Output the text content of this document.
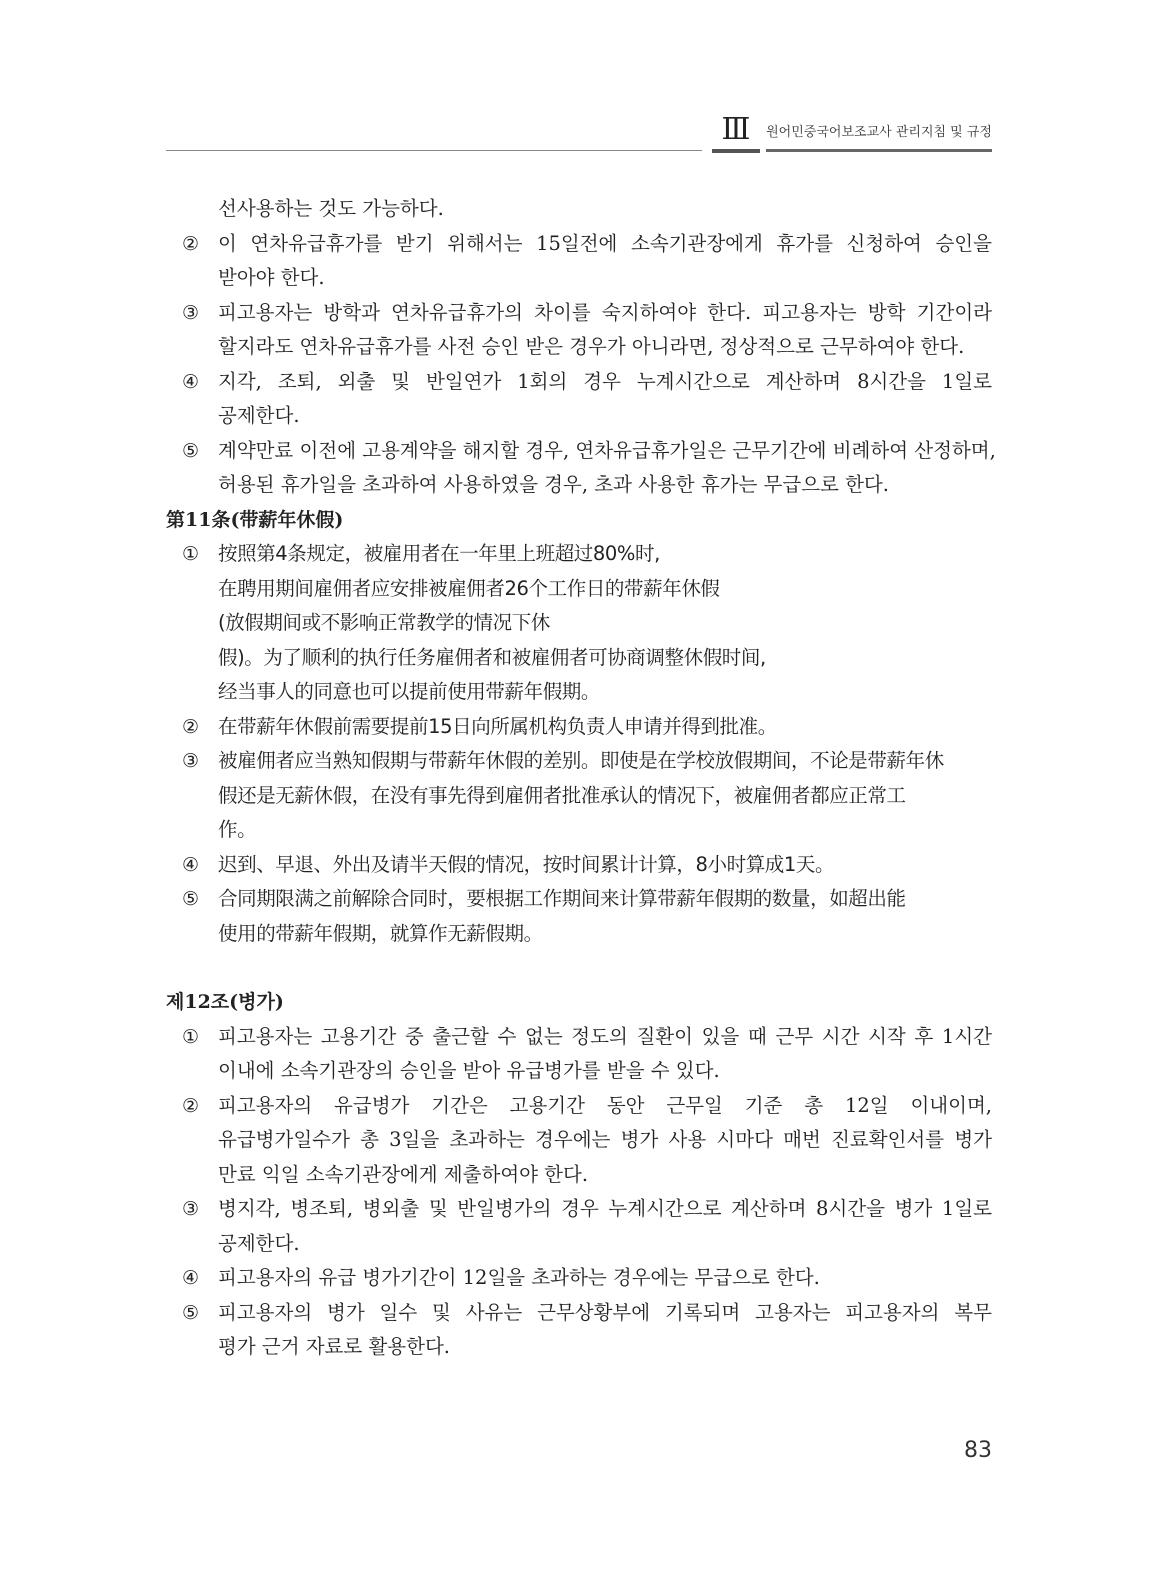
Ⅲ	원어민중국어보조교사 관리지침 및 규정
선사용하는 것도 가능하다.
② 이 연차유급휴가를 받기 위해서는 15일전에 소속기관장에게 휴가를 신청하여 승인을
받아야 한다.
③ 피고용자는 방학과 연차유급휴가의 차이를 숙지하여야 한다. 피고용자는 방학 기간이라
할지라도 연차유급휴가를 사전 승인 받은 경우가 아니라면, 정상적으로 근무하여야 한다.
④ 지각, 조퇴, 외출 및 반일연가 1회의 경우 누계시간으로 계산하며 8시간을 1일로
공제한다.
⑤ 계약만료 이전에 고용계약을 해지할 경우, 연차유급휴가일은 근무기간에 비례하여 산정하며,
허용된 휴가일을 초과하여 사용하였을 경우, 초과 사용한 휴가는 무급으로 한다.
第11条(带薪年休假)
① 按照第4条规定，被雇用者在一年里上班超过80%时,
在聘用期间雇佣者应安排被雇佣者26个工作日的带薪年休假
(放假期间或不影响正常教学的情况下休
假)。为了顺利的执行任务雇佣者和被雇佣者可协商调整休假时间,
经当事人的同意也可以提前使用带薪年假期。
② 在带薪年休假前需要提前15日向所属机构负责人申请并得到批准。
③ 被雇佣者应当熟知假期与带薪年休假的差别。即使是在学校放假期间，不论是带薪年休
假还是无薪休假，在没有事先得到雇佣者批准承认的情况下，被雇佣者都应正常工
作。
④ 迟到、早退、外出及请半天假的情况，按时间累计计算，8小时算成1天。
⑤ 合同期限满之前解除合同时，要根据工作期间来计算带薪年假期的数量，如超出能
使用的带薪年假期，就算作无薪假期。
제12조(병가)
① 피고용자는 고용기간 중 출근할 수 없는 정도의 질환이 있을 때 근무 시간 시작 후 1시간
이내에 소속기관장의 승인을 받아 유급병가를 받을 수 있다.
② 피고용자의 유급병가 기간은 고용기간 동안 근무일 기준 총 12일 이내이며,
유급병가일수가 총 3일을 초과하는 경우에는 병가 사용 시마다 매번 진료확인서를 병가
만료 익일 소속기관장에게 제출하여야 한다.
③ 병지각, 병조퇴, 병외출 및 반일병가의 경우 누계시간으로 계산하며 8시간을 병가 1일로
공제한다.
④ 피고용자의 유급 병가기간이 12일을 초과하는 경우에는 무급으로 한다.
⑤ 피고용자의 병가 일수 및 사유는 근무상황부에 기록되며 고용자는 피고용자의 복무
평가 근거 자료로 활용한다.
83
